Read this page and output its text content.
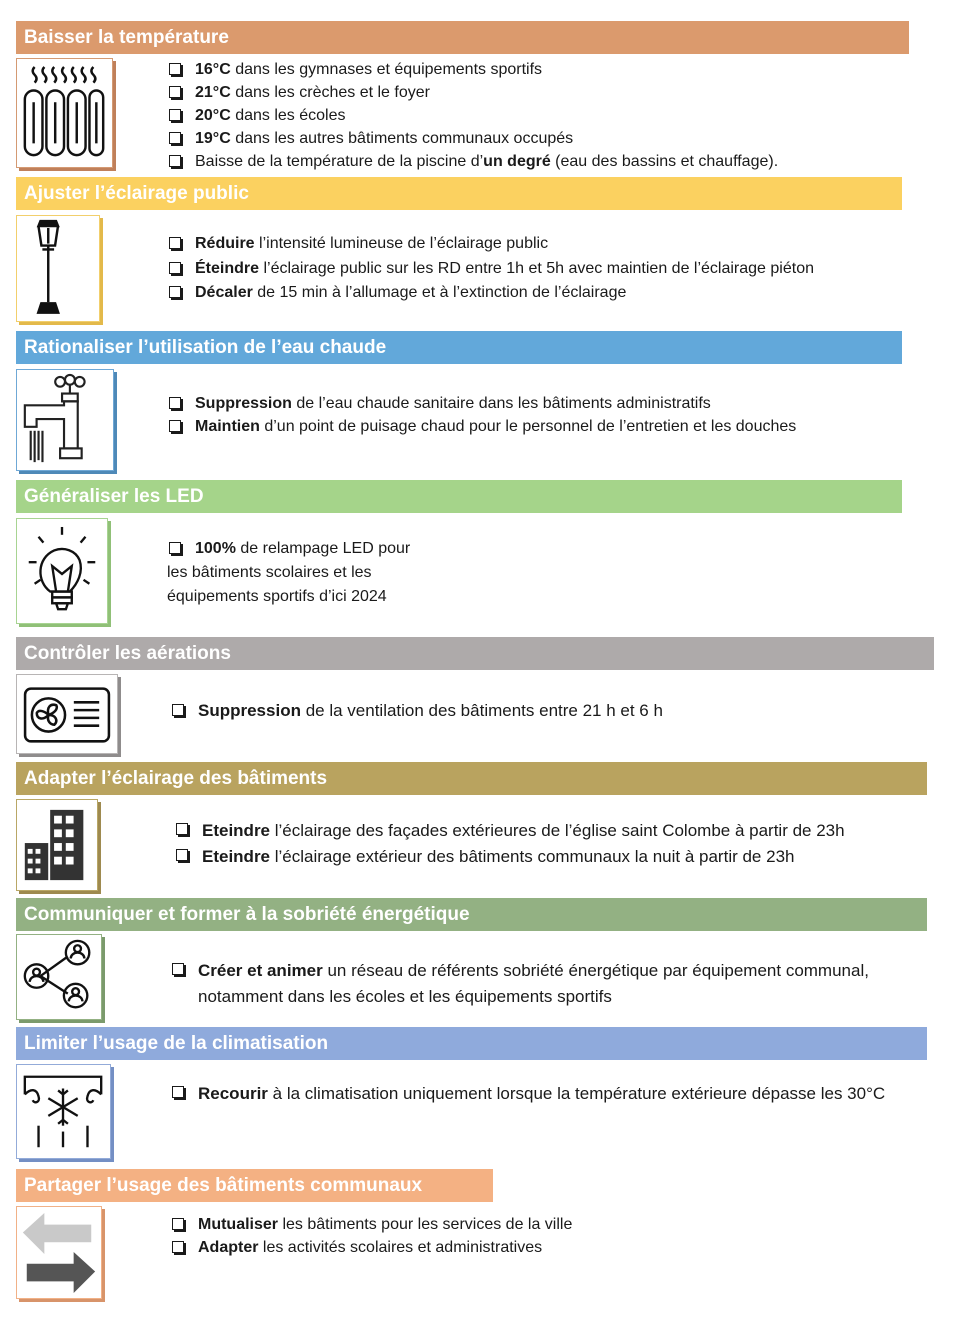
Baisser la température
16°C dans les gymnases et équipements sportifs
21°C dans les crèches et le foyer
20°C dans les écoles
19°C dans les autres bâtiments communaux occupés
Baisse de la température de la piscine d’un degré (eau des bassins et chauffage).
Ajuster l’éclairage public
Réduire l’intensité lumineuse de l’éclairage public
Éteindre l’éclairage public sur les RD entre 1h et 5h avec maintien de l’éclairage piéton
Décaler de 15 min à l’allumage et à l’extinction de l’éclairage
Rationaliser l’utilisation de l’eau chaude
Suppression de l’eau chaude sanitaire dans les bâtiments administratifs
Maintien d’un point de puisage chaud pour le personnel de l’entretien et les douches
Généraliser les LED

100% de relampage LED pour
les bâtiments scolaires et les
équipements sportifs d’ici 2024

Contrôler les aérations
Suppression de la ventilation des bâtiments entre 21 h et 6 h
Adapter l’éclairage des bâtiments
Eteindre l’éclairage des façades extérieures de l’église saint Colombe à partir de 23h
Eteindre l’éclairage extérieur des bâtiments communaux la nuit à partir de 23h
Communiquer et former à la sobriété énergétique
Créer et animer un réseau de référents sobriété énergétique par équipement communal, notamment dans les écoles et les équipements sportifs
Limiter l’usage de la climatisation
Recourir à la climatisation uniquement lorsque la température extérieure dépasse les 30°C
Partager l’usage des bâtiments communaux
Mutualiser les bâtiments pour les services de la ville
Adapter les activités scolaires et administratives
